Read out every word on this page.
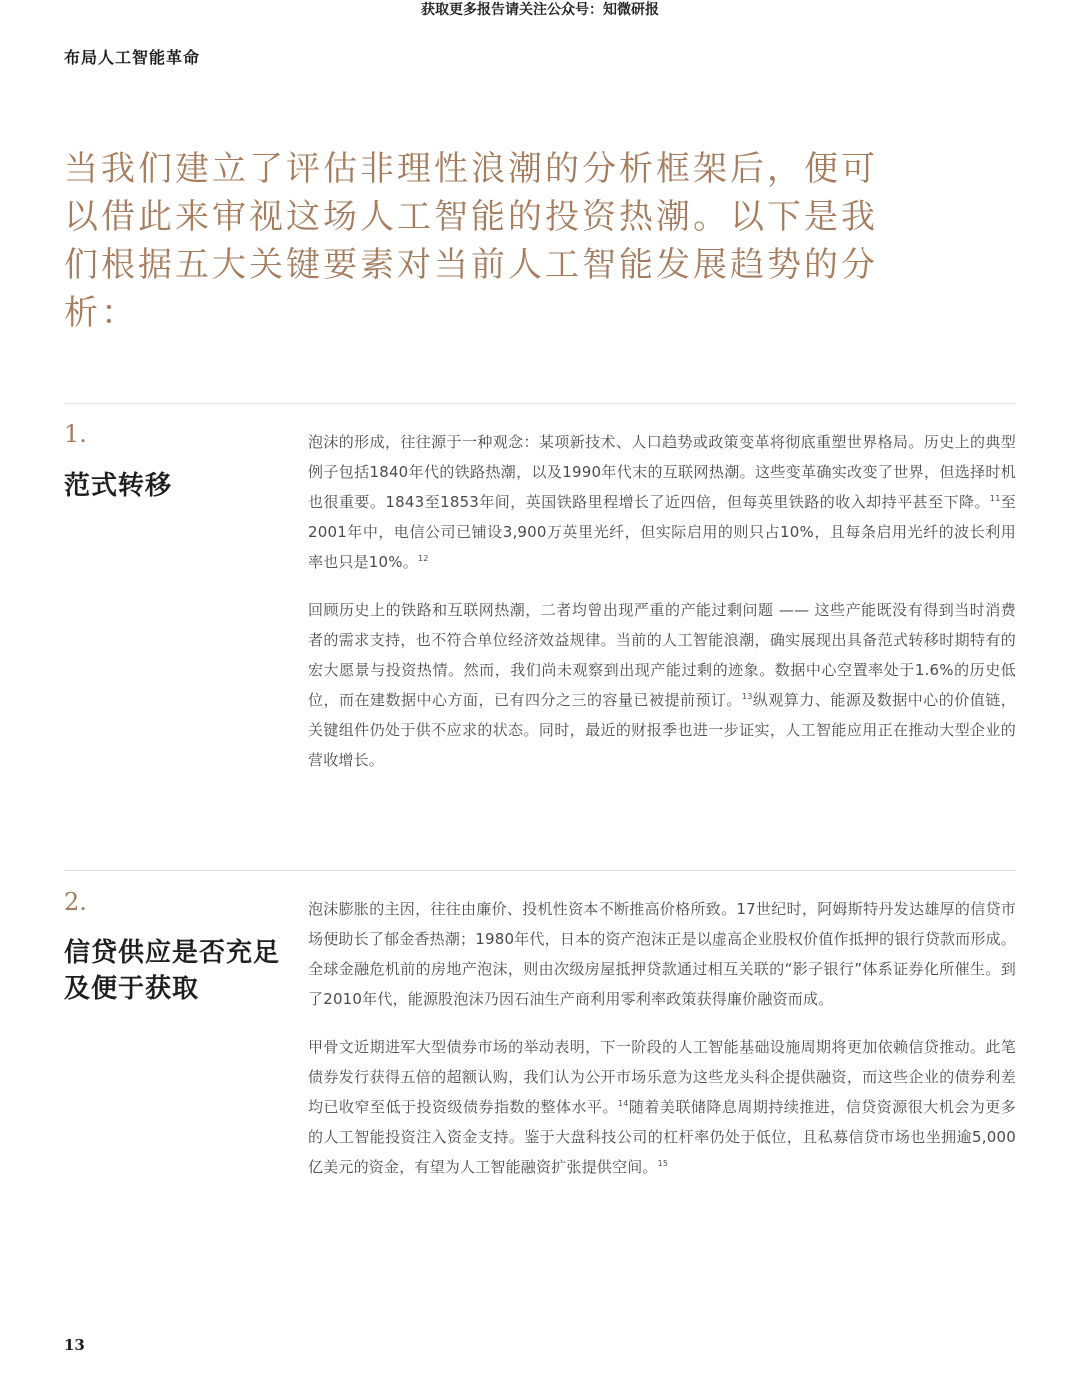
获取更多报告请关注公众号：知微研报
布局人工智能革命

当我们建立了评估非理性浪潮的分析框架后，便可以借此来审视这场人工智能的投资热潮。以下是我们根据五大关键要素对当前人工智能发展趋势的分析：

1.
范式转移

泡沫的形成，往往源于一种观念：某项新技术、人口趋势或政策变革将彻底重塑世界格局。历史上的典型例子包括1840年代的铁路热潮，以及1990年代末的互联网热潮。这些变革确实改变了世界，但选择时机也很重要。1843至1853年间，英国铁路里程增长了近四倍，但每英里铁路的收入却持平甚至下降。$^{11}$至2001年中，电信公司已铺设3,900万英里光纤，但实际启用的则只占10%，且每条启用光纤的波长利用率也只是10%。$^{12}$

回顾历史上的铁路和互联网热潮，二者均曾出现严重的产能过剩问题 —— 这些产能既没有得到当时消费者的需求支持，也不符合单位经济效益规律。当前的人工智能浪潮，确实展现出具备范式转移时期特有的宏大愿景与投资热情。然而，我们尚未观察到出现产能过剩的迹象。数据中心空置率处于1.6%的历史低位，而在建数据中心方面，已有四分之三的容量已被提前预订。$^{13}$纵观算力、能源及数据中心的价值链，关键组件仍处于供不应求的状态。同时，最近的财报季也进一步证实，人工智能应用正在推动大型企业的营收增长。

2.
信贷供应是否充足及便于获取

泡沫膨胀的主因，往往由廉价、投机性资本不断推高价格所致。17世纪时，阿姆斯特丹发达雄厚的信贷市场便助长了郁金香热潮；1980年代，日本的资产泡沫正是以虚高企业股权价值作抵押的银行贷款而形成。全球金融危机前的房地产泡沫，则由次级房屋抵押贷款通过相互关联的“影子银行”体系证券化所催生。到了2010年代，能源股泡沫乃因石油生产商利用零利率政策获得廉价融资而成。

甲骨文近期进军大型债券市场的举动表明，下一阶段的人工智能基础设施周期将更加依赖信贷推动。此笔债券发行获得五倍的超额认购，我们认为公开市场乐意为这些龙头科企提供融资，而这些企业的债券利差均已收窄至低于投资级债券指数的整体水平。$^{14}$随着美联储降息周期持续推进，信贷资源很大机会为更多的人工智能投资注入资金支持。鉴于大盘科技公司的杠杆率仍处于低位，且私募信贷市场也坐拥逾5,000亿美元的资金，有望为人工智能融资扩张提供空间。$^{15}$

13
